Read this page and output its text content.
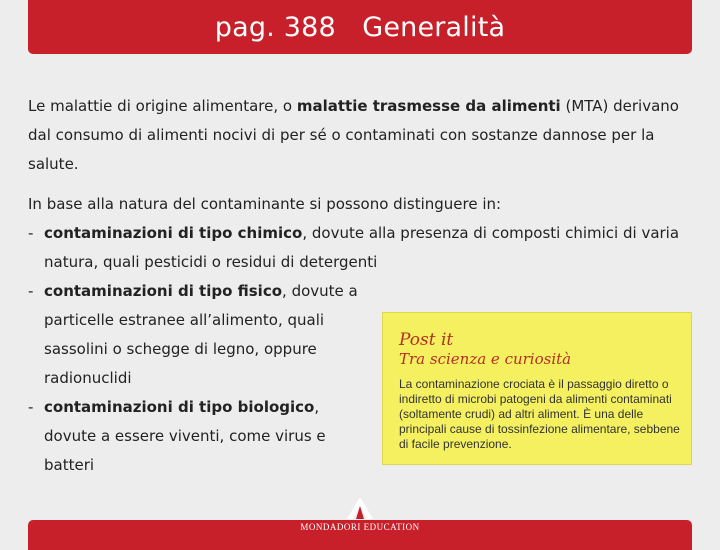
pag. 388   Generalità

Le malattie di origine alimentare, o malattie trasmesse da alimenti (MTA) derivano dal consumo di alimenti nocivi di per sé o contaminati con sostanze dannose per la salute.

In base alla natura del contaminante si possono distinguere in:

- contaminazioni di tipo chimico, dovute alla presenza di composti chimici di varia natura, quali pesticidi o residui di detergenti
- contaminazioni di tipo fisico, dovute a particelle estranee all’alimento, quali sassolini o schegge di legno, oppure radionuclidi
- contaminazioni di tipo biologico, dovute a essere viventi, come virus e batteri
Post it
Tra scienza e curiosità
La contaminazione crociata è il passaggio diretto o indiretto di microbi patogeni da alimenti contaminati (soltamente crudi) ad altri aliment. È una delle principali cause di tossinfezione alimentare, sebbene di facile prevenzione.
MONDADORI EDUCATION
